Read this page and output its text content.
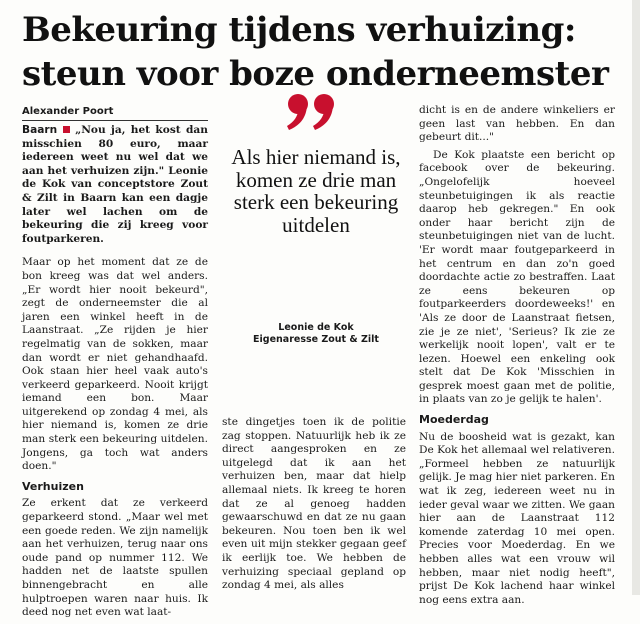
Bekeuring tijdens verhuizing:
steun voor boze onderneemster
Alexander Poort

Baarn „Nou ja, het kost dan misschien 80 euro, maar iedereen weet nu wel dat we aan het verhuizen zijn." Leonie de Kok van conceptstore Zout & Zilt in Baarn kan een dagje later wel lachen om de bekeuring die zij kreeg voor foutparkeren.

Maar op het moment dat ze de bon kreeg was dat wel anders. „Er wordt hier nooit bekeurd", zegt de onderneemster die al jaren een winkel heeft in de Laanstraat. „Ze rijden je hier regelmatig van de sokken, maar dan wordt er niet gehandhaafd. Ook staan hier heel vaak auto's verkeerd geparkeerd. Nooit krijgt iemand een bon. Maar uitgerekend op zondag 4 mei, als hier niemand is, komen ze drie man sterk een bekeuring uitdelen. Jongens, ga toch wat anders doen."

Verhuizen

Ze erkent dat ze verkeerd geparkeerd stond. „Maar wel met een goede reden. We zijn namelijk aan het verhuizen, terug naar ons oude pand op nummer 112. We hadden net de laatste spullen binnengebracht en alle hulptroepen waren naar huis. Ik deed nog net even wat laat-

Als hier niemand is, komen ze drie man sterk een bekeuring uitdelen
Leonie de Kok
Eigenaresse Zout & Zilt

ste dingetjes toen ik de politie zag stoppen. Natuurlijk heb ik ze direct aangesproken en ze uitgelegd dat ik aan het verhuizen ben, maar dat hielp allemaal niets. Ik kreeg te horen dat ze al genoeg hadden gewaarschuwd en dat ze nu gaan bekeuren. Nou toen ben ik wel even uit mijn stekker gegaan geef ik eerlijk toe. We hebben de verhuizing speciaal gepland op zondag 4 mei, als alles

dicht is en de andere winkeliers er geen last van hebben. En dan gebeurt dit..."

De Kok plaatste een bericht op facebook over de bekeuring. „Ongelofelijk hoeveel steunbetuigingen ik als reactie daarop heb gekregen." En ook onder haar bericht zijn de steunbetuigingen niet van de lucht. 'Er wordt maar foutgeparkeerd in het centrum en dan zo'n goed doordachte actie zo bestraffen. Laat ze eens bekeuren op foutparkeerders doordeweeks!' en 'Als ze door de Laanstraat fietsen, zie je ze niet', 'Serieus? Ik zie ze werkelijk nooit lopen', valt er te lezen. Hoewel een enkeling ook stelt dat De Kok 'Misschien in gesprek moest gaan met de politie, in plaats van zo je gelijk te halen'.

Moederdag

Nu de boosheid wat is gezakt, kan De Kok het allemaal wel relativeren. „Formeel hebben ze natuurlijk gelijk. Je mag hier niet parkeren. En wat ik zeg, iedereen weet nu in ieder geval waar we zitten. We gaan hier aan de Laanstraat 112 komende zaterdag 10 mei open. Precies voor Moederdag. En we hebben alles wat een vrouw wil hebben, maar niet nodig heeft", prijst De Kok lachend haar winkel nog eens extra aan.
